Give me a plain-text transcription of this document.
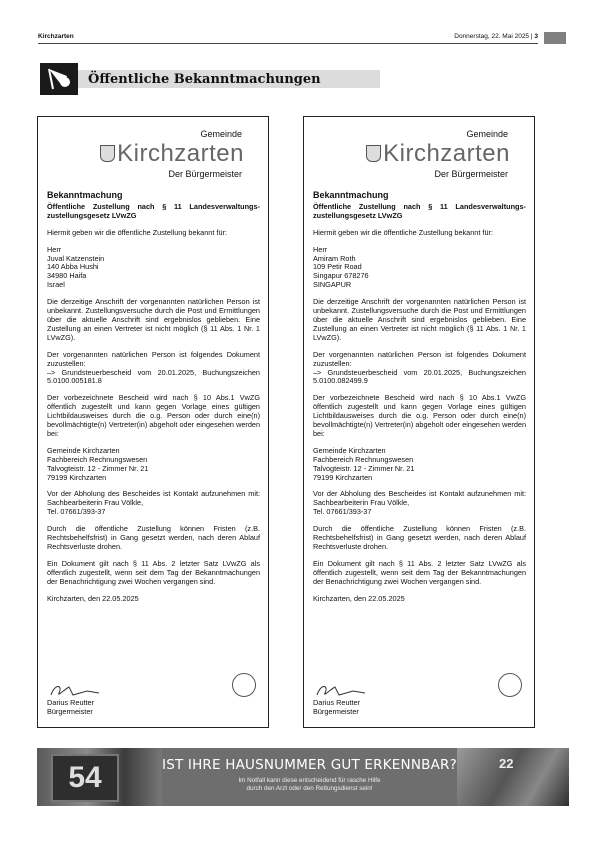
Kirchzarten	Donnerstag, 22. Mai 2025 | 3
Öffentliche Bekanntmachungen
Gemeinde
Kirchzarten
Der Bürgermeister

Bekanntmachung

Öffentliche Zustellung nach § 11 Landesverwaltungs-zustellungsgesetz LVwZG

Hiermit geben wir die öffentliche Zustellung bekannt für:

Herr
Juval Katzenstein
140 Abba Hushi
34980 Haifa
Israel

Die derzeitige Anschrift der vorgenannten natürlichen Person ist unbekannt. Zustellungsversuche durch die Post und Ermittlungen über die aktuelle Anschrift sind ergebnislos geblieben. Eine Zustellung an einen Vertreter ist nicht möglich (§ 11 Abs. 1 Nr. 1 LVwZG).

Der vorgenannten natürlichen Person ist folgendes Dokument zuzustellen:
–> Grundsteuerbescheid vom 20.01.2025, Buchungszeichen 5.0100.005181.8

Der vorbezeichnete Bescheid wird nach § 10 Abs.1 VwZG öffentlich zugestellt und kann gegen Vorlage eines gültigen Lichtbildausweises durch die o.g. Person oder durch eine(n) bevollmächtigte(n) Vertreter(in) abgeholt oder eingesehen werden bei:

Gemeinde Kirchzarten
Fachbereich Rechnungswesen
Talvogteistr. 12 - Zimmer Nr. 21
79199 Kirchzarten

Vor der Abholung des Bescheides ist Kontakt aufzunehmen mit: Sachbearbeiterin Frau Völkle,
Tel. 07661/393-37

Durch die öffentliche Zustellung können Fristen (z.B. Rechtsbehelfsfrist) in Gang gesetzt werden, nach deren Ablauf Rechtsverluste drohen.

Ein Dokument gilt nach § 11 Abs. 2 letzter Satz LVwZG als öffentlich zugestellt, wenn seit dem Tag der Bekanntmachungen der Benachrichtigung zwei Wochen vergangen sind.

Kirchzarten, den 22.05.2025

Darius Reutter
Bürgermeister
Gemeinde
Kirchzarten
Der Bürgermeister

Bekanntmachung

Öffentliche Zustellung nach § 11 Landesverwaltungs-zustellungsgesetz LVwZG

Hiermit geben wir die öffentliche Zustellung bekannt für:

Herr
Amiram Roth
109 Petir Road
Singapur 678276
SINGAPUR

Die derzeitige Anschrift der vorgenannten natürlichen Person ist unbekannt. Zustellungsversuche durch die Post und Ermittlungen über die aktuelle Anschrift sind ergebnislos geblieben. Eine Zustellung an einen Vertreter ist nicht möglich (§ 11 Abs. 1 Nr. 1 LVwZG).

Der vorgenannten natürlichen Person ist folgendes Dokument zuzustellen:
–> Grundsteuerbescheid vom 20.01.2025, Buchungszeichen 5.0100.082499.9

Der vorbezeichnete Bescheid wird nach § 10 Abs.1 VwZG öffentlich zugestellt und kann gegen Vorlage eines gültigen Lichtbildausweises durch die o.g. Person oder durch eine(n) bevollmächtigte(n) Vertreter(in) abgeholt oder eingesehen werden bei:

Gemeinde Kirchzarten
Fachbereich Rechnungswesen
Talvogteistr. 12 - Zimmer Nr. 21
79199 Kirchzarten

Vor der Abholung des Bescheides ist Kontakt aufzunehmen mit: Sachbearbeiterin Frau Völkle,
Tel. 07661/393-37

Durch die öffentliche Zustellung können Fristen (z.B. Rechtsbehelfsfrist) in Gang gesetzt werden, nach deren Ablauf Rechtsverluste drohen.

Ein Dokument gilt nach § 11 Abs. 2 letzter Satz LVwZG als öffentlich zugestellt, wenn seit dem Tag der Bekanntmachungen der Benachrichtigung zwei Wochen vergangen sind.

Kirchzarten, den 22.05.2025

Darius Reutter
Bürgermeister
54	IST IHRE HAUSNUMMER GUT ERKENNBAR?
Im Notfall kann diese entscheidend für rasche Hilfe
durch den Arzt oder den Rettungsdienst sein!
22
